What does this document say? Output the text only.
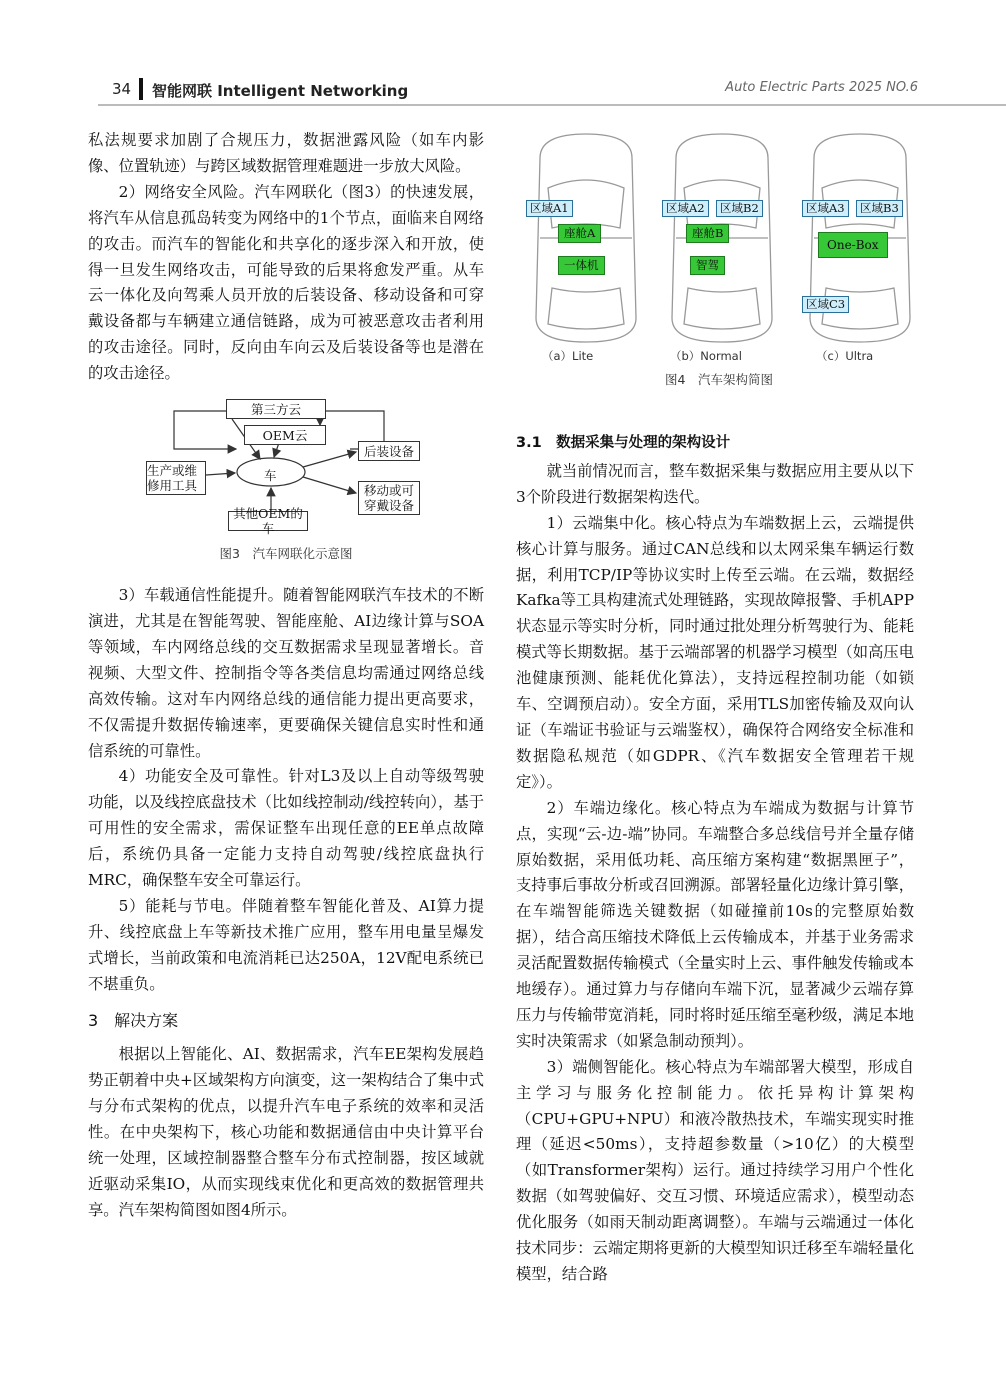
34 智能网联 Intelligent Networking	Auto Electric Parts 2025 NO.6

私法规要求加剧了合规压力，数据泄露风险（如车内影像、位置轨迹）与跨区域数据管理难题进一步放大风险。

2）网络安全风险。汽车网联化（图3）的快速发展，将汽车从信息孤岛转变为网络中的1个节点，面临来自网络的攻击。而汽车的智能化和共享化的逐步深入和开放，使得一旦发生网络攻击，可能导致的后果将愈发严重。从车云一体化及向驾乘人员开放的后装设备、移动设备和可穿戴设备都与车辆建立通信链路，成为可被恶意攻击者利用的攻击途径。同时，反向由车向云及后装设备等也是潜在的攻击途径。

第三方云
OEM云
车
后装设备
生产或维修用工具	移动或可穿戴设备
其他OEM的车
图3　汽车网联化示意图

3）车载通信性能提升。随着智能网联汽车技术的不断演进，尤其是在智能驾驶、智能座舱、AI边缘计算与SOA等领域，车内网络总线的交互数据需求呈现显著增长。音视频、大型文件、控制指令等各类信息均需通过网络总线高效传输。这对车内网络总线的通信能力提出更高要求，不仅需提升数据传输速率，更要确保关键信息实时性和通信系统的可靠性。

4）功能安全及可靠性。针对L3及以上自动等级驾驶功能，以及线控底盘技术（比如线控制动/线控转向），基于可用性的安全需求，需保证整车出现任意的EE单点故障后，系统仍具备一定能力支持自动驾驶/线控底盘执行MRC，确保整车安全可靠运行。

5）能耗与节电。伴随着整车智能化普及、AI算力提升、线控底盘上车等新技术推广应用，整车用电量呈爆发式增长，当前政策和电流消耗已达250A，12V配电系统已不堪重负。

3　解决方案

根据以上智能化、AI、数据需求，汽车EE架构发展趋势正朝着中央+区域架构方向演变，这一架构结合了集中式与分布式架构的优点，以提升汽车电子系统的效率和灵活性。在中央架构下，核心功能和数据通信由中央计算平台统一处理，区域控制器整合整车分布式控制器，按区域就近驱动采集IO，从而实现线束优化和更高效的数据管理共享。汽车架构简图如图4所示。

区域A1
座舱A
一体机
（a）Lite
区域A2	区域B2
座舱B
智驾
（b）Normal
区域A3	区域B3
One-Box
区域C3
（c）Ultra
图4　汽车架构简图
3.1　数据采集与处理的架构设计

就当前情况而言，整车数据采集与数据应用主要从以下3个阶段进行数据架构迭代。

1）云端集中化。核心特点为车端数据上云，云端提供核心计算与服务。通过CAN总线和以太网采集车辆运行数据，利用TCP/IP等协议实时上传至云端。在云端，数据经Kafka等工具构建流式处理链路，实现故障报警、手机APP状态显示等实时分析，同时通过批处理分析驾驶行为、能耗模式等长期数据。基于云端部署的机器学习模型（如高压电池健康预测、能耗优化算法），支持远程控制功能（如锁车、空调预启动）。安全方面，采用TLS加密传输及双向认证（车端证书验证与云端鉴权），确保符合网络安全标准和数据隐私规范（如GDPR、《汽车数据安全管理若干规定》）。

2）车端边缘化。核心特点为车端成为数据与计算节点，实现“云-边-端”协同。车端整合多总线信号并全量存储原始数据，采用低功耗、高压缩方案构建“数据黑匣子”，支持事后事故分析或召回溯源。部署轻量化边缘计算引擎，在车端智能筛选关键数据（如碰撞前10s的完整原始数据），结合高压缩技术降低上云传输成本，并基于业务需求灵活配置数据传输模式（全量实时上云、事件触发传输或本地缓存）。通过算力与存储向车端下沉，显著减少云端存算压力与传输带宽消耗，同时将时延压缩至毫秒级，满足本地实时决策需求（如紧急制动预判）。

3）端侧智能化。核心特点为车端部署大模型，形成自主学习与服务化控制能力。依托异构计算架构（CPU+GPU+NPU）和液冷散热技术，车端实现实时推理（延迟<50ms），支持超参数量（>10亿）的大模型（如Transformer架构）运行。通过持续学习用户个性化数据（如驾驶偏好、交互习惯、环境适应需求），模型动态优化服务（如雨天制动距离调整）。车端与云端通过一体化技术同步：云端定期将更新的大模型知识迁移至车端轻量化模型，结合路
